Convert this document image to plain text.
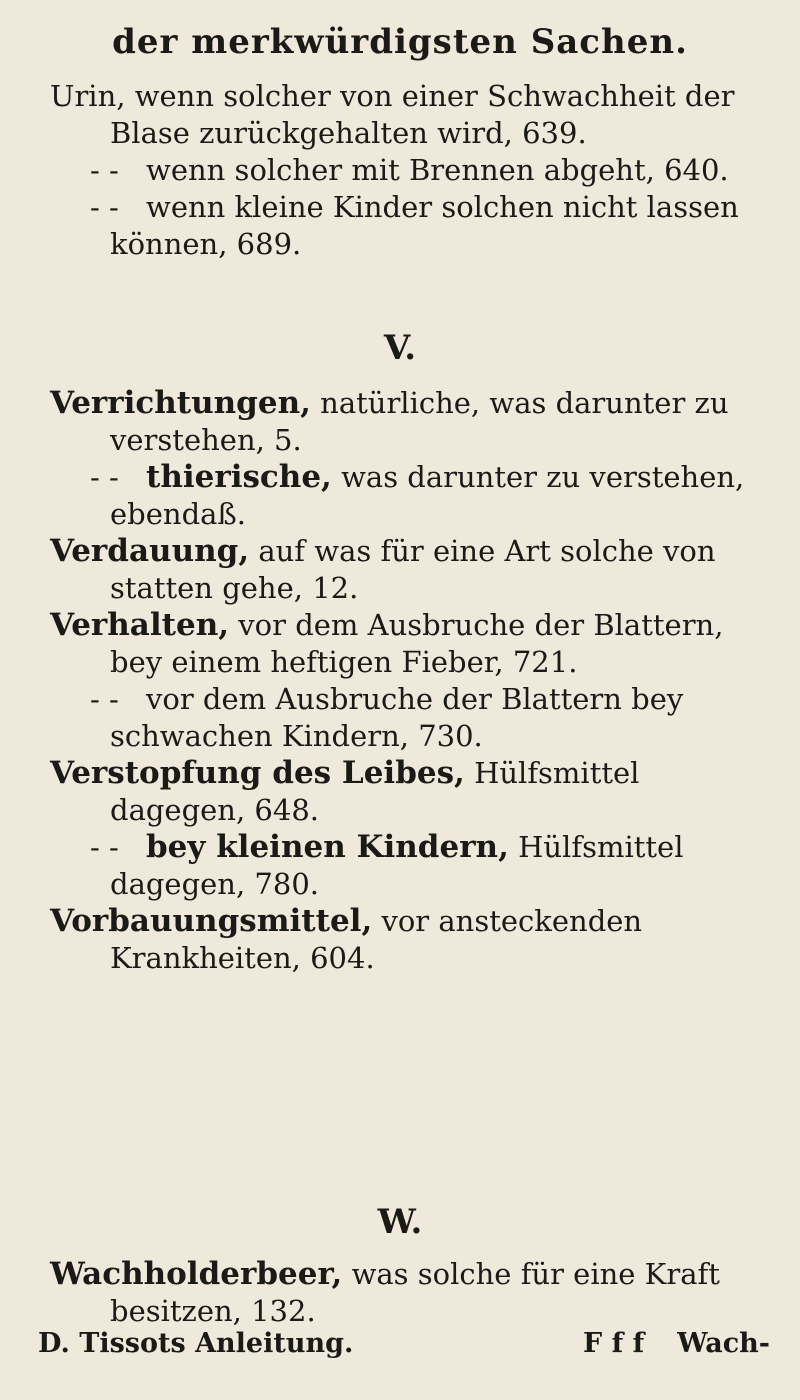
der merkwürdigsten Sachen.

Urin, wenn solcher von einer Schwachheit der Blase zurückgehalten wird, 639.

- - wenn solcher mit Brennen abgeht, 640.

- - wenn kleine Kinder solchen nicht lassen können, 689.

V.

Verrichtungen, natürliche, was darunter zu verstehen, 5.

- - thierische, was darunter zu verstehen, ebendaß.

Verdauung, auf was für eine Art solche von statten gehe, 12.

Verhalten, vor dem Ausbruche der Blattern, bey einem heftigen Fieber, 721.

- - vor dem Ausbruche der Blattern bey schwachen Kindern, 730.

Verstopfung des Leibes, Hülfsmittel dagegen, 648.

- - bey kleinen Kindern, Hülfsmittel dagegen, 780.

Vorbauungsmittel, vor ansteckenden Krankheiten, 604.

W.

Wachholderbeer, was solche für eine Kraft besitzen, 132.

D. Tissots Anleitung.	F f f Wach-
